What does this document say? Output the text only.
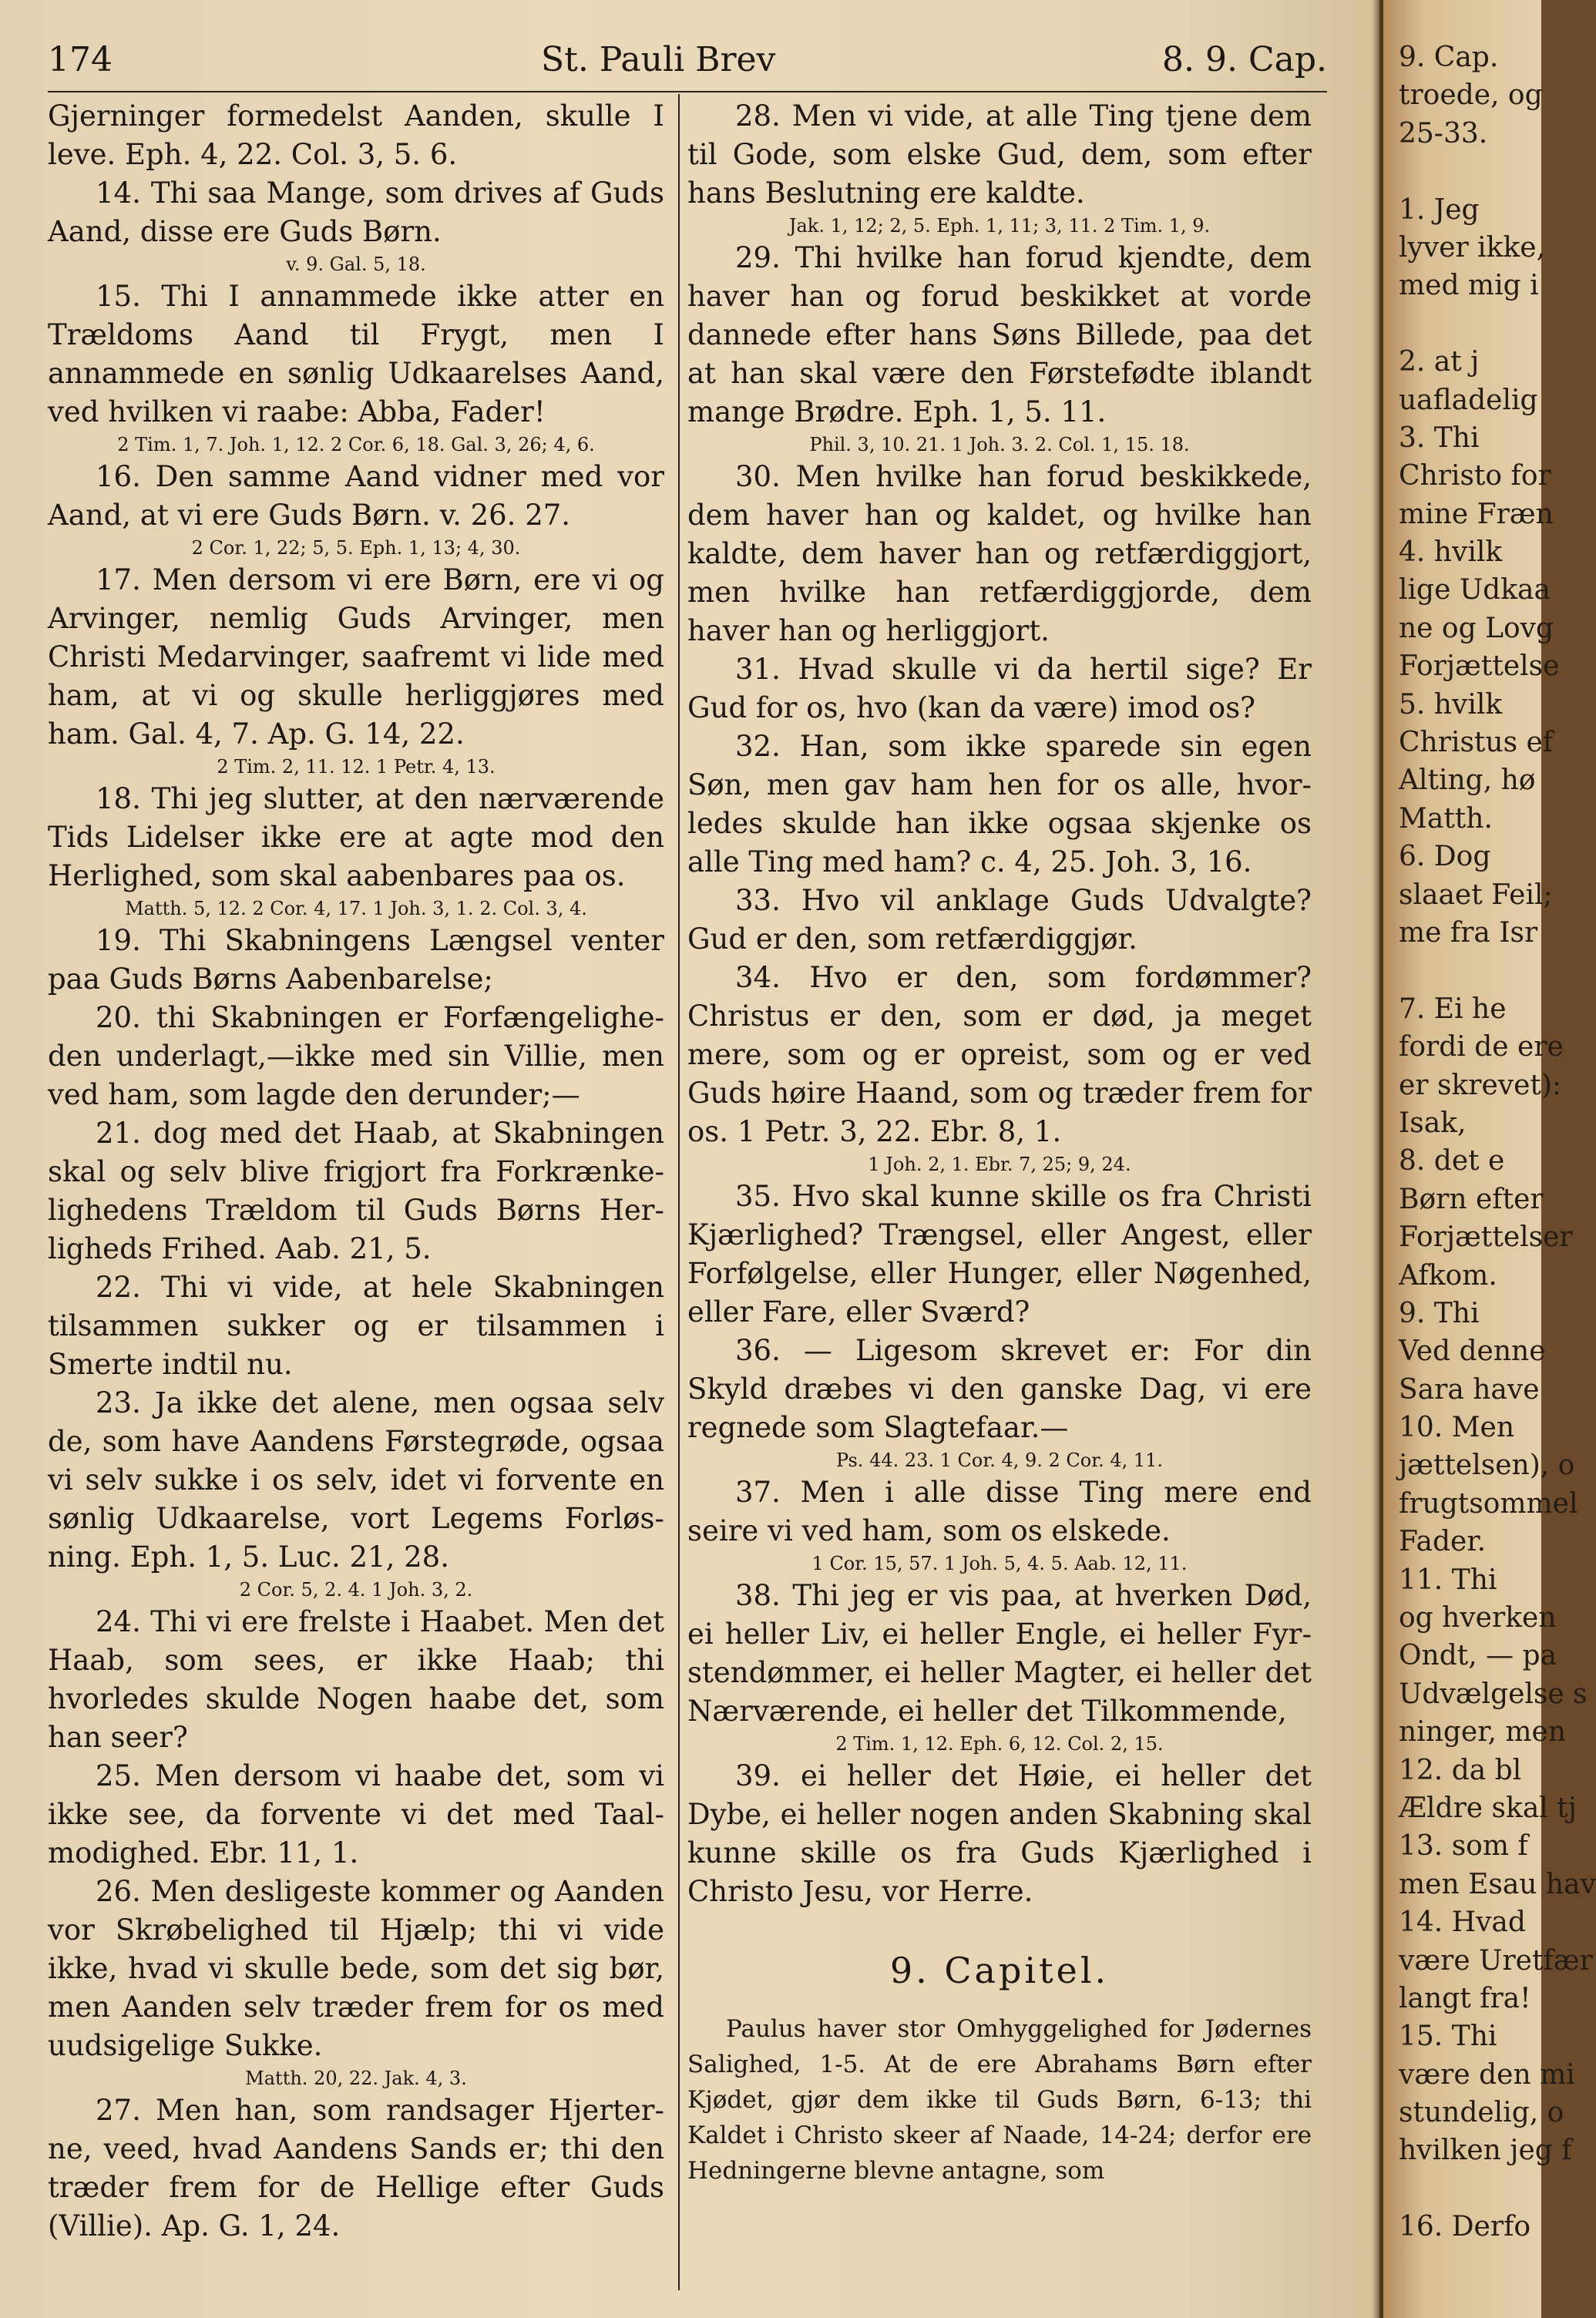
174	St. Pauli Brev	8. 9. Cap.

Gjerninger formedelst Aanden, skulle I leve. Eph. 4, 22. Col. 3, 5. 6.

14. Thi saa Mange, som drives af Guds Aand, disse ere Guds Børn.

v. 9. Gal. 5, 18.

15. Thi I annammede ikke atter en Trældoms Aand til Frygt, men I annammede en sønlig Udkaarelses Aand, ved hvilken vi raabe: Abba, Fader!

2 Tim. 1, 7. Joh. 1, 12. 2 Cor. 6, 18. Gal. 3, 26; 4, 6.

16. Den samme Aand vidner med vor Aand, at vi ere Guds Børn. v. 26. 27.

2 Cor. 1, 22; 5, 5. Eph. 1, 13; 4, 30.

17. Men dersom vi ere Børn, ere vi og Arvinger, nemlig Guds Arvinger, men Christi Medarvinger, saafremt vi lide med ham, at vi og skulle herliggjøres med ham. Gal. 4, 7. Ap. G. 14, 22.

2 Tim. 2, 11. 12. 1 Petr. 4, 13.

18. Thi jeg slutter, at den nærværende Tids Lidelser ikke ere at agte mod den Herlighed, som skal aabenbares paa os.

Matth. 5, 12. 2 Cor. 4, 17. 1 Joh. 3, 1. 2. Col. 3, 4.

19. Thi Skabningens Længsel venter paa Guds Børns Aabenbarelse;

20. thi Skabningen er Forfængeligheden underlagt,—ikke med sin Villie, men ved ham, som lagde den derunder;—

21. dog med det Haab, at Skabningen skal og selv blive frigjort fra Forkrænkelighedens Trældom til Guds Børns Herligheds Frihed. Aab. 21, 5.

22. Thi vi vide, at hele Skabningen tilsammen sukker og er tilsammen i Smerte indtil nu.

23. Ja ikke det alene, men ogsaa selv de, som have Aandens Førstegrøde, ogsaa vi selv sukke i os selv, idet vi forvente en sønlig Udkaarelse, vort Legems Forløsning. Eph. 1, 5. Luc. 21, 28.

2 Cor. 5, 2. 4. 1 Joh. 3, 2.

24. Thi vi ere frelste i Haabet. Men det Haab, som sees, er ikke Haab; thi hvorledes skulde Nogen haabe det, som han seer?

25. Men dersom vi haabe det, som vi ikke see, da forvente vi det med Taalmodighed. Ebr. 11, 1.

26. Men desligeste kommer og Aanden vor Skrøbelighed til Hjælp; thi vi vide ikke, hvad vi skulle bede, som det sig bør, men Aanden selv træder frem for os med uudsigelige Sukke.

Matth. 20, 22. Jak. 4, 3.

27. Men han, som randsager Hjerterne, veed, hvad Aandens Sands er; thi den træder frem for de Hellige efter Guds (Villie). Ap. G. 1, 24.

28. Men vi vide, at alle Ting tjene dem til Gode, som elske Gud, dem, som efter hans Beslutning ere kaldte.

Jak. 1, 12; 2, 5. Eph. 1, 11; 3, 11. 2 Tim. 1, 9.

29. Thi hvilke han forud kjendte, dem haver han og forud beskikket at vorde dannede efter hans Søns Billede, paa det at han skal være den Førstefødte iblandt mange Brødre. Eph. 1, 5. 11.

Phil. 3, 10. 21. 1 Joh. 3. 2. Col. 1, 15. 18.

30. Men hvilke han forud beskikkede, dem haver han og kaldet, og hvilke han kaldte, dem haver han og retfærdiggjort, men hvilke han retfærdiggjorde, dem haver han og herliggjort.

31. Hvad skulle vi da hertil sige? Er Gud for os, hvo (kan da være) imod os?

32. Han, som ikke sparede sin egen Søn, men gav ham hen for os alle, hvorledes skulde han ikke ogsaa skjenke os alle Ting med ham? c. 4, 25. Joh. 3, 16.

33. Hvo vil anklage Guds Udvalgte? Gud er den, som retfærdiggjør.

34. Hvo er den, som fordømmer? Christus er den, som er død, ja meget mere, som og er opreist, som og er ved Guds høire Haand, som og træder frem for os. 1 Petr. 3, 22. Ebr. 8, 1.

1 Joh. 2, 1. Ebr. 7, 25; 9, 24.

35. Hvo skal kunne skille os fra Christi Kjærlighed? Trængsel, eller Angest, eller Forfølgelse, eller Hunger, eller Nøgenhed, eller Fare, eller Sværd?

36. — Ligesom skrevet er: For din Skyld dræbes vi den ganske Dag, vi ere regnede som Slagtefaar.—

Ps. 44. 23. 1 Cor. 4, 9. 2 Cor. 4, 11.

37. Men i alle disse Ting mere end seire vi ved ham, som os elskede.

1 Cor. 15, 57. 1 Joh. 5, 4. 5. Aab. 12, 11.

38. Thi jeg er vis paa, at hverken Død, ei heller Liv, ei heller Engle, ei heller Fyrstendømmer, ei heller Magter, ei heller det Nærværende, ei heller det Tilkommende,

2 Tim. 1, 12. Eph. 6, 12. Col. 2, 15.

39. ei heller det Høie, ei heller det Dybe, ei heller nogen anden Skabning skal kunne skille os fra Guds Kjærlighed i Christo Jesu, vor Herre.

9. Capitel.

Paulus haver stor Omhyggelighed for Jødernes Salighed, 1-5. At de ere Abrahams Børn efter Kjødet, gjør dem ikke til Guds Børn, 6-13; thi Kaldet i Christo skeer af Naade, 14-24; derfor ere Hedningerne blevne antagne, som

9. Cap.
troede, og
25-33.
1. Jeg
lyver ikke,
med mig i
2. at j
uafladelig
3. Thi
Christo for
mine Fræn
4. hvilk
lige Udkaa
ne og Lovg
Forjættelse
5. hvilk
Christus ef
Alting, hø
Matth.
6. Dog
slaaet Feil;
me fra Isr
7. Ei he
fordi de ere
er skrevet):
Isak,
8. det e
Børn efter
Forjættelser
Afkom.
9. Thi
Ved denne
Sara have
10. Men
jættelsen), o
frugtsommel
Fader.
11. Thi
og hverken
Ondt, — pa
Udvælgelse s
ninger, men
12. da bl
Ældre skal tj
13. som f
men Esau hav
14. Hvad
være Uretfær
langt fra!
15. Thi
være den mi
stundelig, o
hvilken jeg f
16. Derfo
